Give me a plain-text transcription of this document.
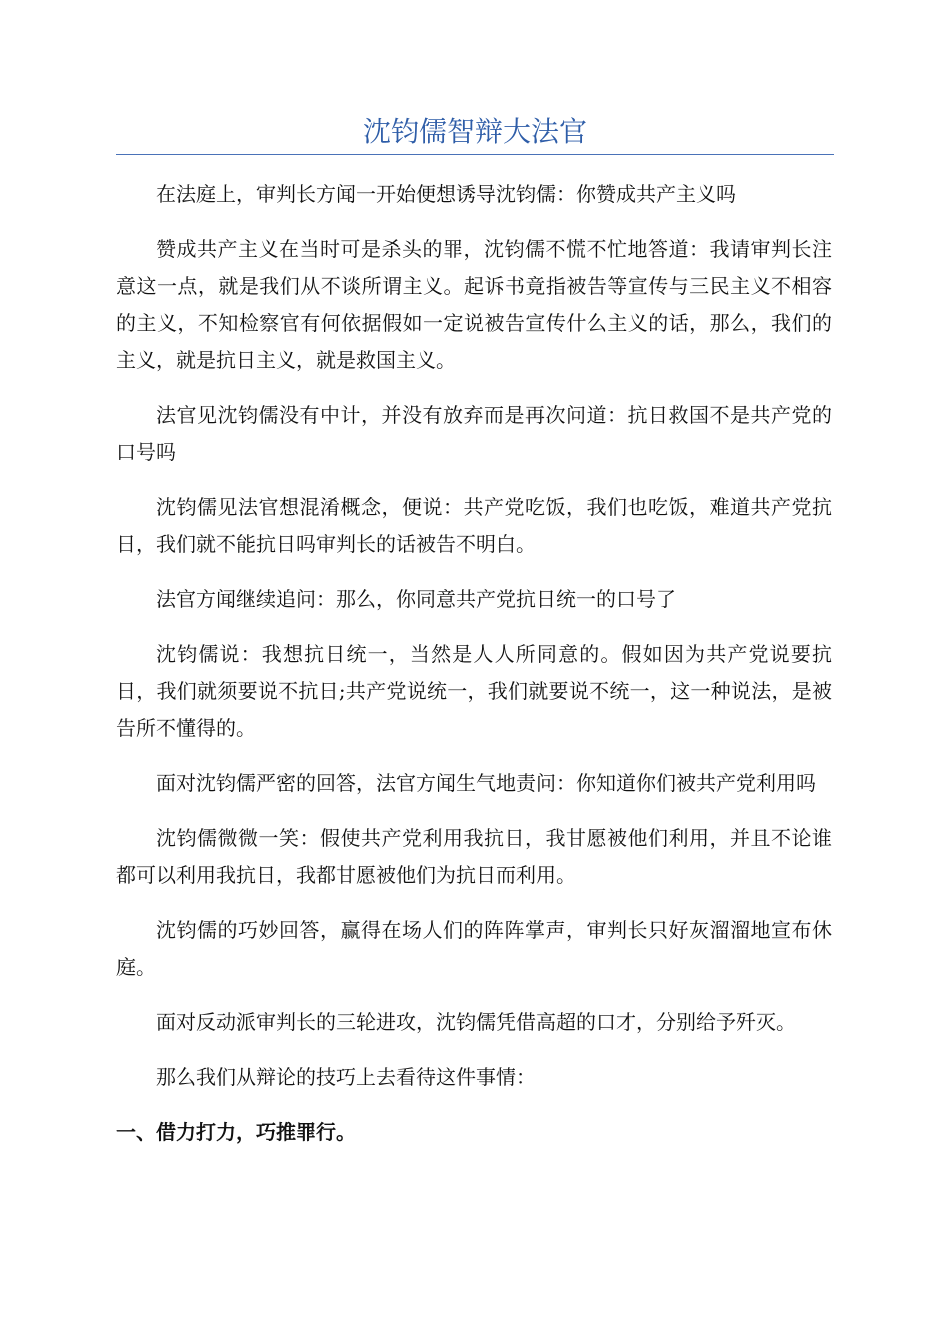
沈钧儒智辩大法官

在法庭上，审判长方闻一开始便想诱导沈钧儒：你赞成共产主义吗

赞成共产主义在当时可是杀头的罪，沈钧儒不慌不忙地答道：我请审判长注意这一点，就是我们从不谈所谓主义。起诉书竟指被告等宣传与三民主义不相容的主义，不知检察官有何依据假如一定说被告宣传什么主义的话，那么，我们的主义，就是抗日主义，就是救国主义。

法官见沈钧儒没有中计，并没有放弃而是再次问道：抗日救国不是共产党的口号吗

沈钧儒见法官想混淆概念，便说：共产党吃饭，我们也吃饭，难道共产党抗日，我们就不能抗日吗审判长的话被告不明白。

法官方闻继续追问：那么，你同意共产党抗日统一的口号了

沈钧儒说：我想抗日统一，当然是人人所同意的。假如因为共产党说要抗日，我们就须要说不抗日;共产党说统一，我们就要说不统一，这一种说法，是被告所不懂得的。

面对沈钧儒严密的回答，法官方闻生气地责问：你知道你们被共产党利用吗

沈钧儒微微一笑：假使共产党利用我抗日，我甘愿被他们利用，并且不论谁都可以利用我抗日，我都甘愿被他们为抗日而利用。

沈钧儒的巧妙回答，赢得在场人们的阵阵掌声，审判长只好灰溜溜地宣布休庭。

面对反动派审判长的三轮进攻，沈钧儒凭借高超的口才，分别给予歼灭。

那么我们从辩论的技巧上去看待这件事情：

一、借力打力，巧推罪行。
